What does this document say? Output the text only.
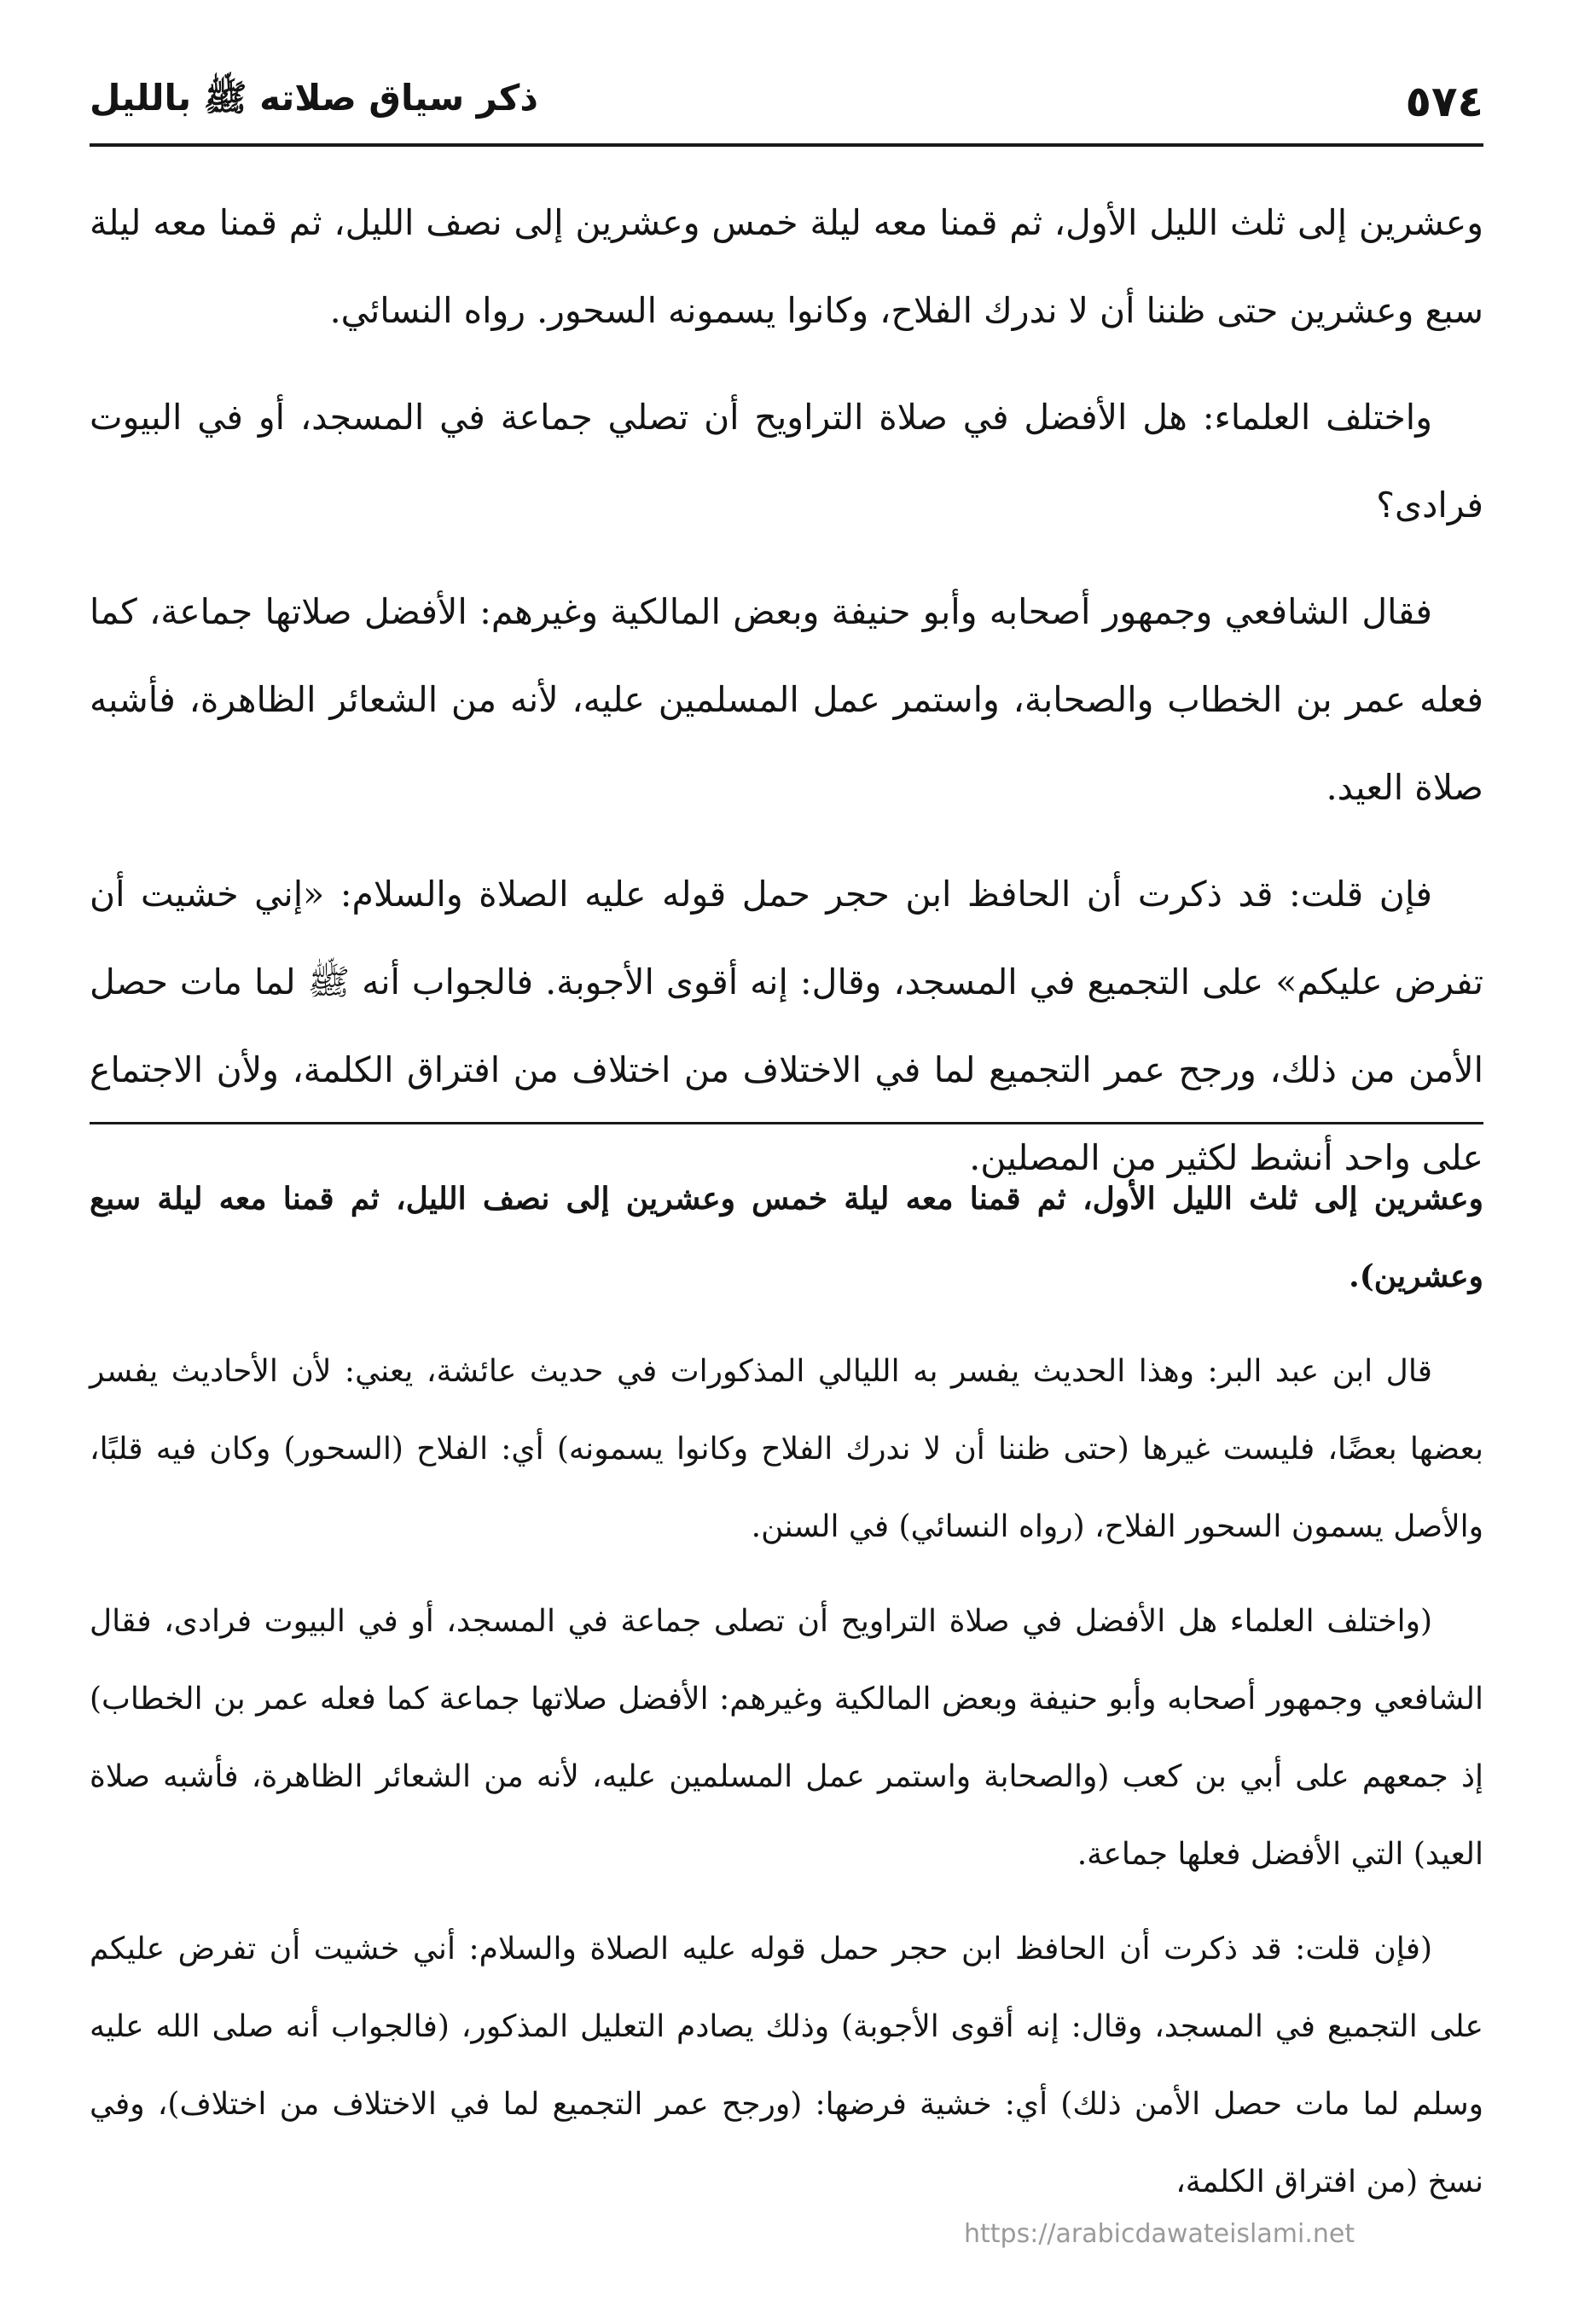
٥٧٤
ذكر سياق صلاته ﷺ بالليل

وعشرين إلى ثلث الليل الأول، ثم قمنا معه ليلة خمس وعشرين إلى نصف الليل، ثم قمنا معه ليلة سبع وعشرين حتى ظننا أن لا ندرك الفلاح، وكانوا يسمونه السحور. رواه النسائي.

واختلف العلماء: هل الأفضل في صلاة التراويح أن تصلي جماعة في المسجد، أو في البيوت فرادى؟

فقال الشافعي وجمهور أصحابه وأبو حنيفة وبعض المالكية وغيرهم: الأفضل صلاتها جماعة، كما فعله عمر بن الخطاب والصحابة، واستمر عمل المسلمين عليه، لأنه من الشعائر الظاهرة، فأشبه صلاة العيد.

فإن قلت: قد ذكرت أن الحافظ ابن حجر حمل قوله عليه الصلاة والسلام: «إني خشيت أن تفرض عليكم» على التجميع في المسجد، وقال: إنه أقوى الأجوبة. فالجواب أنه ﷺ لما مات حصل الأمن من ذلك، ورجح عمر التجميع لما في الاختلاف من اختلاف من افتراق الكلمة، ولأن الاجتماع على واحد أنشط لكثير من المصلين.

وعشرين إلى ثلث الليل الأول، ثم قمنا معه ليلة خمس وعشرين إلى نصف الليل، ثم قمنا معه ليلة سبع وعشرين).

قال ابن عبد البر: وهذا الحديث يفسر به الليالي المذكورات في حديث عائشة، يعني: لأن الأحاديث يفسر بعضها بعضًا، فليست غيرها (حتى ظننا أن لا ندرك الفلاح وكانوا يسمونه) أي: الفلاح (السحور) وكان فيه قلبًا، والأصل يسمون السحور الفلاح، (رواه النسائي) في السنن.

(واختلف العلماء هل الأفضل في صلاة التراويح أن تصلى جماعة في المسجد، أو في البيوت فرادى، فقال الشافعي وجمهور أصحابه وأبو حنيفة وبعض المالكية وغيرهم: الأفضل صلاتها جماعة كما فعله عمر بن الخطاب) إذ جمعهم على أبي بن كعب (والصحابة واستمر عمل المسلمين عليه، لأنه من الشعائر الظاهرة، فأشبه صلاة العيد) التي الأفضل فعلها جماعة.

(فإن قلت: قد ذكرت أن الحافظ ابن حجر حمل قوله عليه الصلاة والسلام: أني خشيت أن تفرض عليكم على التجميع في المسجد، وقال: إنه أقوى الأجوبة) وذلك يصادم التعليل المذكور، (فالجواب أنه صلى الله عليه وسلم لما مات حصل الأمن ذلك) أي: خشية فرضها: (ورجح عمر التجميع لما في الاختلاف من اختلاف)، وفي نسخ (من افتراق الكلمة،

https://arabicdawateislami.net
